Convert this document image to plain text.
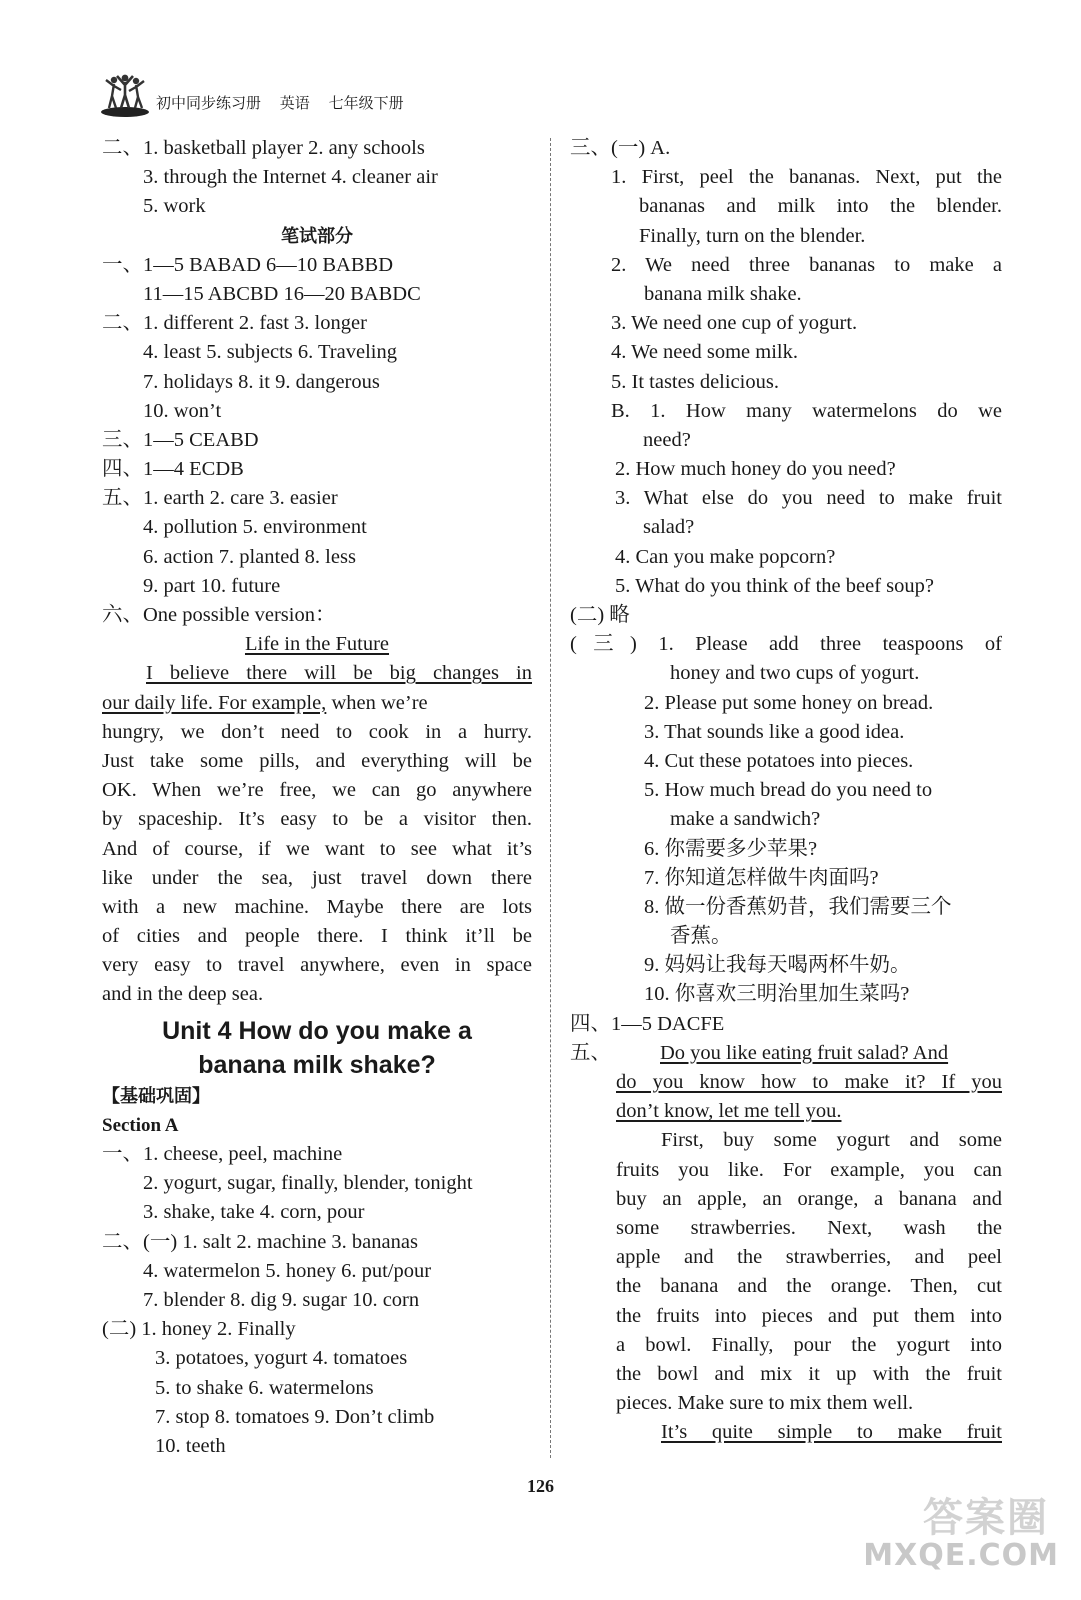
初中同步练习册 英语 七年级下册
二、1. basketball player 2. any schools
3. through the Internet 4. cleaner air
5. work
笔试部分
一、1—5 BABAD 6—10 BABBD
11—15 ABCBD 16—20 BABDC
二、1. different 2. fast 3. longer
4. least 5. subjects 6. Traveling
7. holidays 8. it 9. dangerous
10. won’t
三、1—5 CEABD
四、1—4 ECDB
五、1. earth 2. care 3. easier
4. pollution 5. environment
6. action 7. planted 8. less
9. part 10. future
六、One possible version：
Life in the Future
I believe there will be big changes in
our daily life. For example, when we’re
hungry, we don’t need to cook in a hurry.
Just take some pills, and everything will be
OK. When we’re free, we can go anywhere
by spaceship. It’s easy to be a visitor then.
And of course, if we want to see what it’s
like under the sea, just travel down there
with a new machine. Maybe there are lots
of cities and people there. I think it’ll be
very easy to travel anywhere, even in space
and in the deep sea.
Unit 4 How do you make a
banana milk shake?
【基础巩固】
Section A
一、1. cheese, peel, machine
2. yogurt, sugar, finally, blender, tonight
3. shake, take 4. corn, pour
二、(一) 1. salt 2. machine 3. bananas
4. watermelon 5. honey 6. put/pour
7. blender 8. dig 9. sugar 10. corn
(二) 1. honey 2. Finally
3. potatoes, yogurt 4. tomatoes
5. to shake 6. watermelons
7. stop 8. tomatoes 9. Don’t climb
10. teeth
三、(一) A.
1. First, peel the bananas. Next, put the
bananas and milk into the blender.
Finally, turn on the blender.
2. We need three bananas to make a
banana milk shake.
3. We need one cup of yogurt.
4. We need some milk.
5. It tastes delicious.
B. 1. How many watermelons do we
need?
2. How much honey do you need?
3. What else do you need to make fruit
salad?
4. Can you make popcorn?
5. What do you think of the beef soup?
(二) 略
(三) 1. Please add three teaspoons of
honey and two cups of yogurt.
2. Please put some honey on bread.
3. That sounds like a good idea.
4. Cut these potatoes into pieces.
5. How much bread do you need to
make a sandwich?
6. 你需要多少苹果?
7. 你知道怎样做牛肉面吗?
8. 做一份香蕉奶昔，我们需要三个
香蕉。
9. 妈妈让我每天喝两杯牛奶。
10. 你喜欢三明治里加生菜吗?
四、1—5 DACFE
五、 Do you like eating fruit salad? And
do you know how to make it? If you
don’t know, let me tell you.
First, buy some yogurt and some
fruits you like. For example, you can
buy an apple, an orange, a banana and
some strawberries. Next, wash the
apple and the strawberries, and peel
the banana and the orange. Then, cut
the fruits into pieces and put them into
a bowl. Finally, pour the yogurt into
the bowl and mix it up with the fruit
pieces. Make sure to mix them well.
It’s quite simple to make fruit
126
答案圈
MXQE.COM
